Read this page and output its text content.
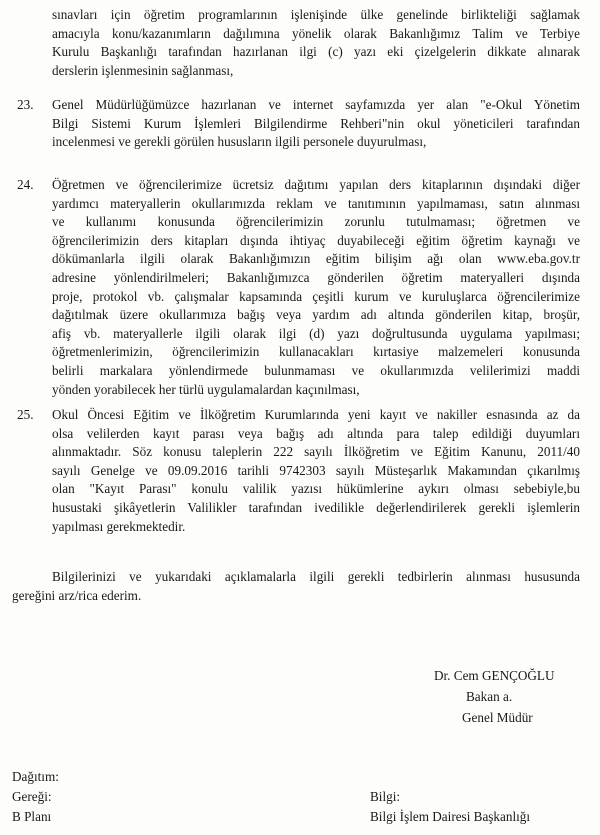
sınavları için öğretim programlarının işlenişinde ülke genelinde birlikteliği sağlamak
amacıyla konu/kazanımların dağılımına yönelik olarak Bakanlığımız Talim ve Terbiye
Kurulu Başkanlığı tarafından hazırlanan ilgi (c) yazı eki çizelgelerin dikkate alınarak
derslerin işlenmesinin sağlanması,
23. Genel Müdürlüğümüzce hazırlanan ve internet sayfamızda yer alan "e-Okul Yönetim
Bilgi Sistemi Kurum İşlemleri Bilgilendirme Rehberi"nin okul yöneticileri tarafından
incelenmesi ve gerekli görülen hususların ilgili personele duyurulması,
24. Öğretmen ve öğrencilerimize ücretsiz dağıtımı yapılan ders kitaplarının dışındaki diğer
yardımcı materyallerin okullarımızda reklam ve tanıtımının yapılmaması, satın alınması
ve kullanımı konusunda öğrencilerimizin zorunlu tutulmaması; öğretmen ve
öğrencilerimizin ders kitapları dışında ihtiyaç duyabileceği eğitim öğretim kaynağı ve
dökümanlarla ilgili olarak Bakanlığımızın eğitim bilişim ağı olan www.eba.gov.tr
adresine yönlendirilmeleri; Bakanlığımızca gönderilen öğretim materyalleri dışında
proje, protokol vb. çalışmalar kapsamında çeşitli kurum ve kuruluşlarca öğrencilerimize
dağıtılmak üzere okullarımıza bağış veya yardım adı altında gönderilen kitap, broşür,
afiş vb. materyallerle ilgili olarak ilgi (d) yazı doğrultusunda uygulama yapılması;
öğretmenlerimizin, öğrencilerimizin kullanacakları kırtasiye malzemeleri konusunda
belirli markalara yönlendirmede bulunmaması ve okullarımızda velilerimizi maddi
yönden yorabilecek her türlü uygulamalardan kaçınılması,
25. Okul Öncesi Eğitim ve İlköğretim Kurumlarında yeni kayıt ve nakiller esnasında az da
olsa velilerden kayıt parası veya bağış adı altında para talep edildiği duyumları
alınmaktadır. Söz konusu taleplerin 222 sayılı İlköğretim ve Eğitim Kanunu, 2011/40
sayılı Genelge ve 09.09.2016 tarihli 9742303 sayılı Müsteşarlık Makamından çıkarılmış
olan "Kayıt Parası" konulu valilik yazısı hükümlerine aykırı olması sebebiyle,bu
husustaki şikâyetlerin Valilikler tarafından ivedilikle değerlendirilerek gerekli işlemlerin
yapılması gerekmektedir.
Bilgilerinizi ve yukarıdaki açıklamalarla ilgili gerekli tedbirlerin alınması hususunda
gereğini arz/rica ederim.
Dr. Cem GENÇOĞLU
Bakan a.
Genel Müdür
Dağıtım:
Gereği:
B Planı
Bilgi:
Bilgi İşlem Dairesi Başkanlığı
